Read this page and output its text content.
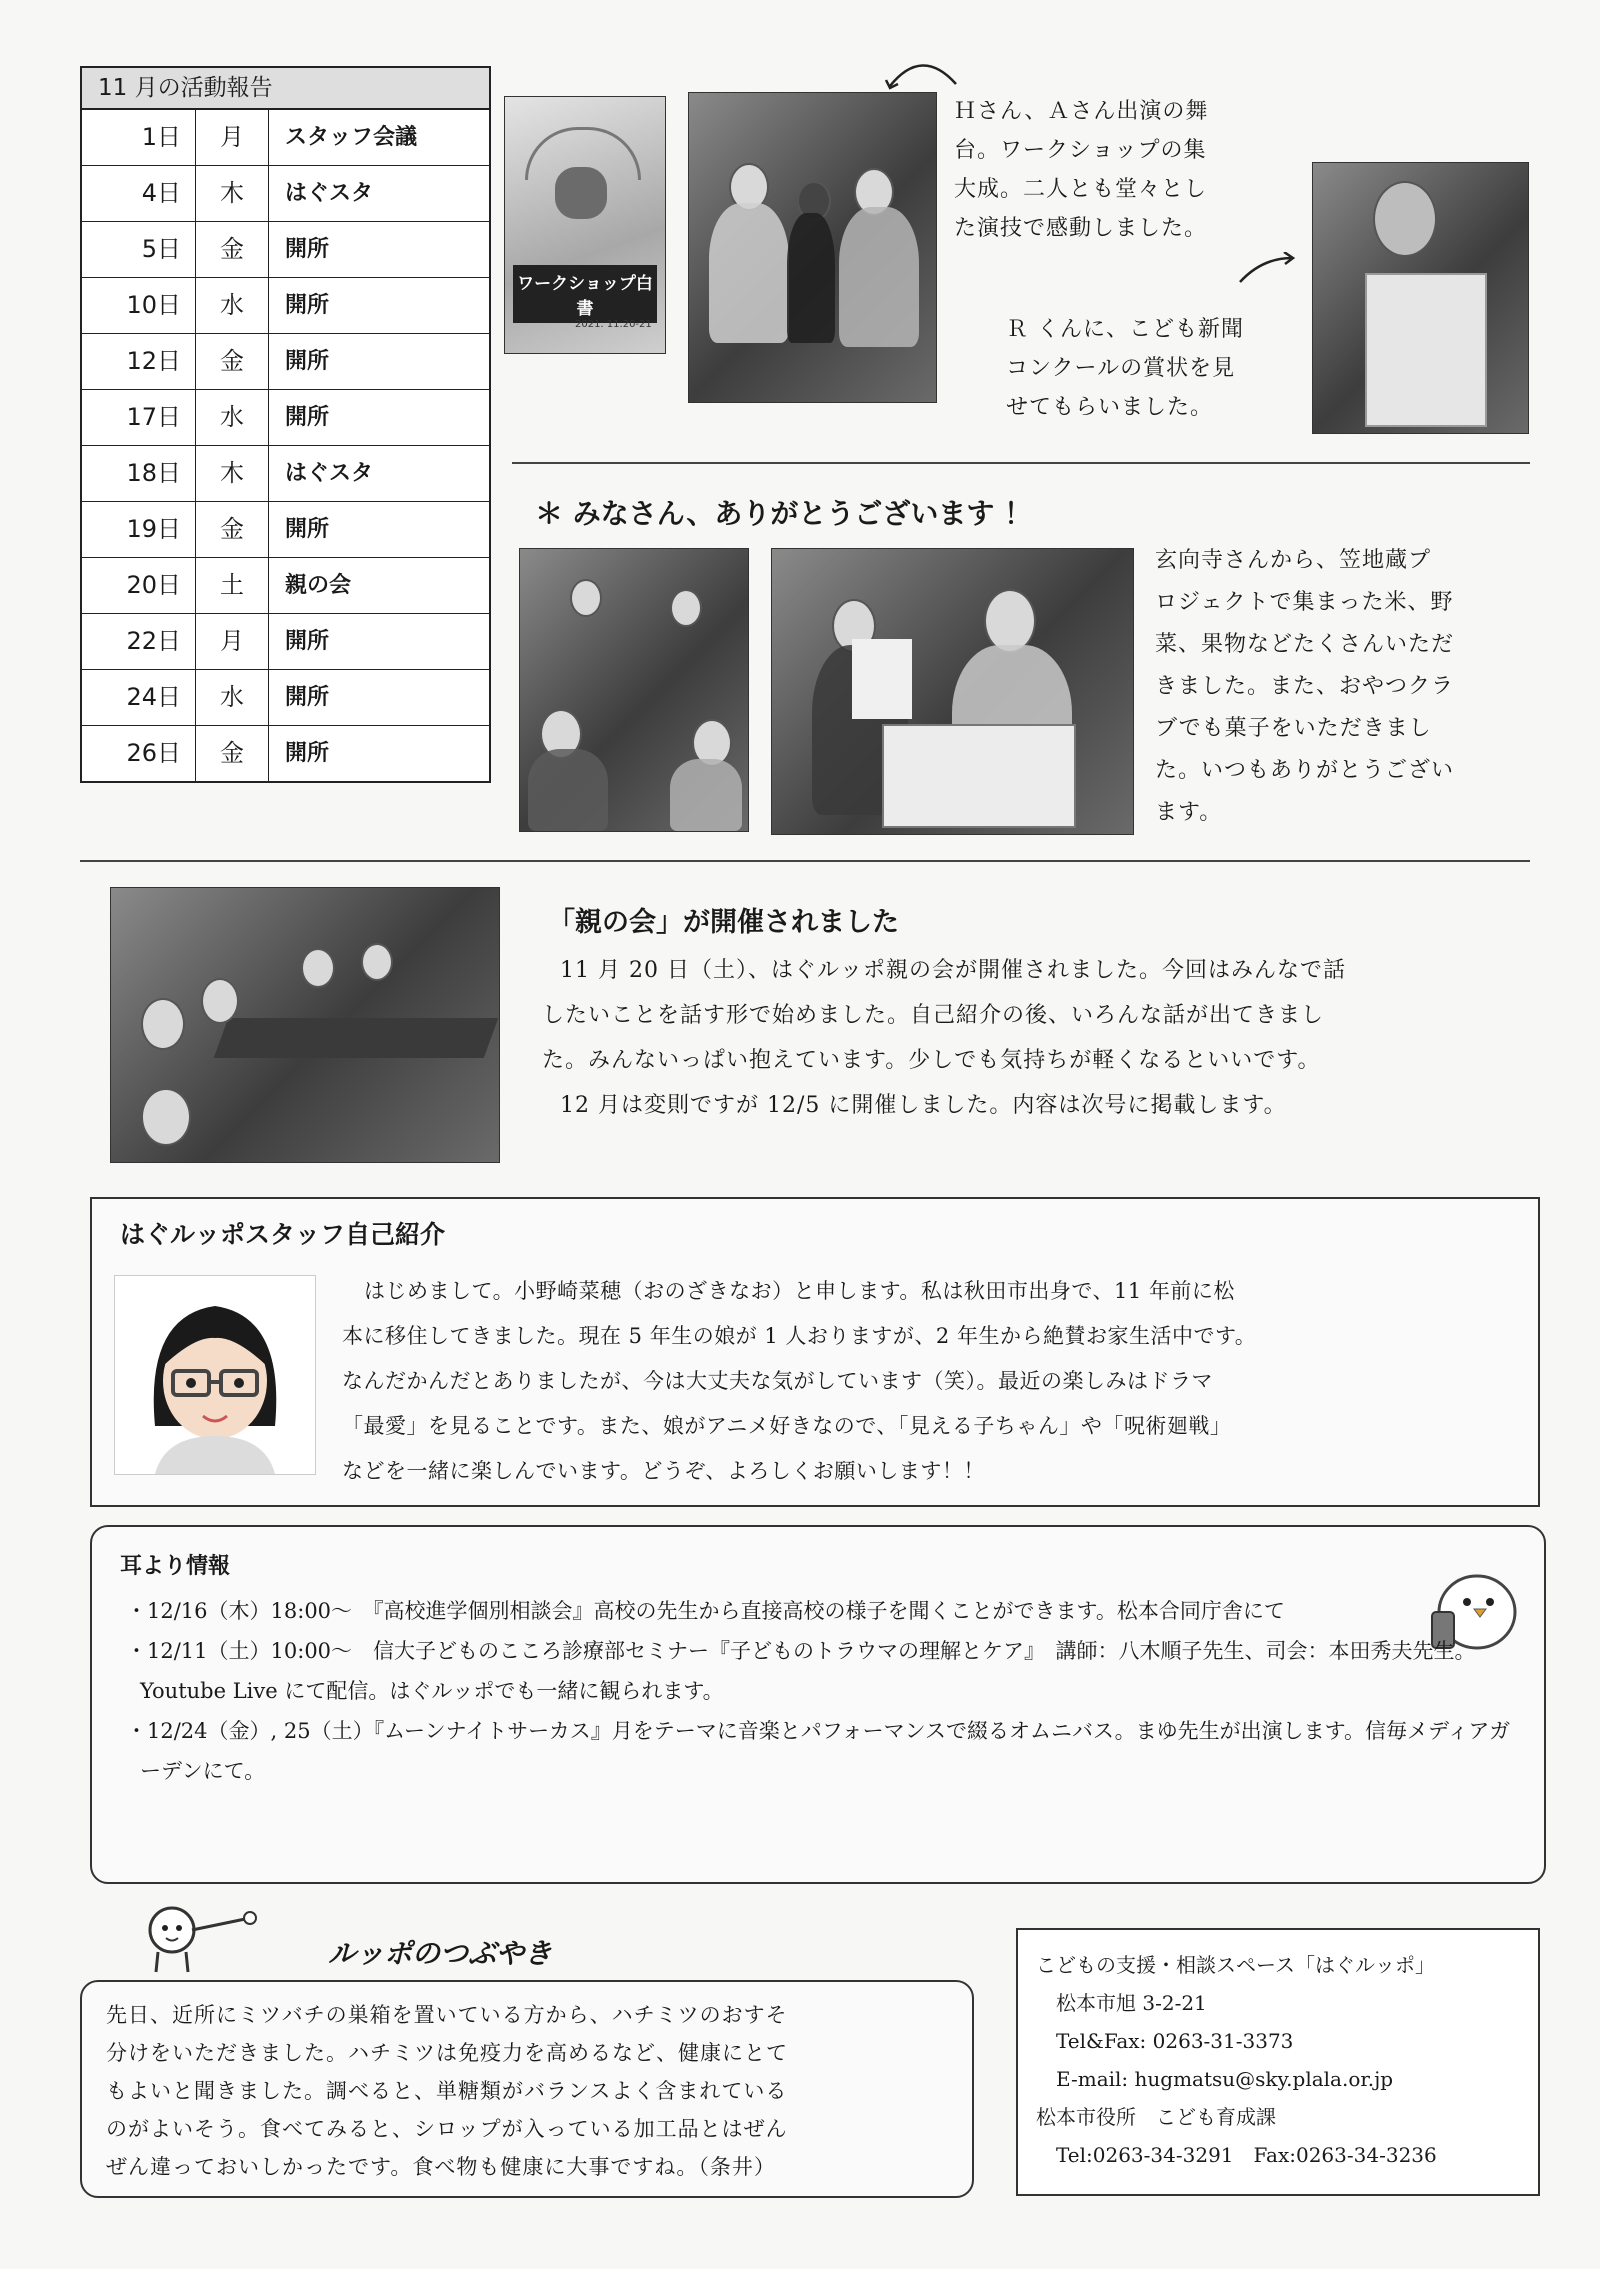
11 月の活動報告
1日	月	スタッフ会議
4日	木	はぐスタ
5日	金	開所
10日	水	開所
12日	金	開所
17日	水	開所
18日	木	はぐスタ
19日	金	開所
20日	土	親の会
22日	月	開所
24日	水	開所
26日	金	開所
ワークショップ白書
2021. 11.20-21
Ｈさん、Ａさん出演の舞
台。ワークショップの集
大成。二人とも堂々とし
た演技で感動しました。
Ｒ くんに、こども新聞
コンクールの賞状を見
せてもらいました。
＊ みなさん、ありがとうございます ！
玄向寺さんから、笠地蔵プ
ロジェクトで集まった米、野
菜、果物などたくさんいただ
きました。また、おやつクラ
ブでも菓子をいただきまし
た。いつもありがとうござい
ます。
「親の会」が開催されました
11 月 20 日（土）、はぐルッポ親の会が開催されました。今回はみんなで話
したいことを話す形で始めました。自己紹介の後、いろんな話が出てきまし
た。みんないっぱい抱えています。少しでも気持ちが軽くなるといいです。
12 月は変則ですが 12/5 に開催しました。内容は次号に掲載します。
はぐルッポスタッフ自己紹介
はじめまして。小野崎菜穂（おのざきなお）と申します。私は秋田市出身で、11 年前に松
本に移住してきました。現在 5 年生の娘が 1 人おりますが、2 年生から絶賛お家生活中です。
なんだかんだとありましたが、今は大丈夫な気がしています（笑）。最近の楽しみはドラマ
「最愛」を見ることです。また、娘がアニメ好きなので、「見える子ちゃん」や「呪術廻戦」
などを一緒に楽しんでいます。どうぞ、よろしくお願いします！！
耳より情報
・12/16（木）18:00～　『高校進学個別相談会』高校の先生から直接高校の様子を聞くことができます。松本合同庁舎にて
・12/11（土）10:00～　信大子どものこころ診療部セミナー『子どものトラウマの理解とケア』　講師：八木順子先生、司会：本田秀夫先生。Youtube Live にて配信。はぐルッポでも一緒に観られます。
・12/24（金）, 25（土）『ムーンナイトサーカス』月をテーマに音楽とパフォーマンスで綴るオムニバス。まゆ先生が出演します。信毎メディアガーデンにて。
ルッポのつぶやき
先日、近所にミツバチの巣箱を置いている方から、ハチミツのおすそ
分けをいただきました。ハチミツは免疫力を高めるなど、健康にとて
もよいと聞きました。調べると、単糖類がバランスよく含まれている
のがよいそう。食べてみると、シロップが入っている加工品とはぜん
ぜん違っておいしかったです。食べ物も健康に大事ですね。（条井）
こどもの支援・相談スペース「はぐルッポ」
　松本市旭 3-2-21
　Tel&Fax: 0263-31-3373
　E-mail: hugmatsu@sky.plala.or.jp
松本市役所　こども育成課
　Tel:0263-34-3291　Fax:0263-34-3236
